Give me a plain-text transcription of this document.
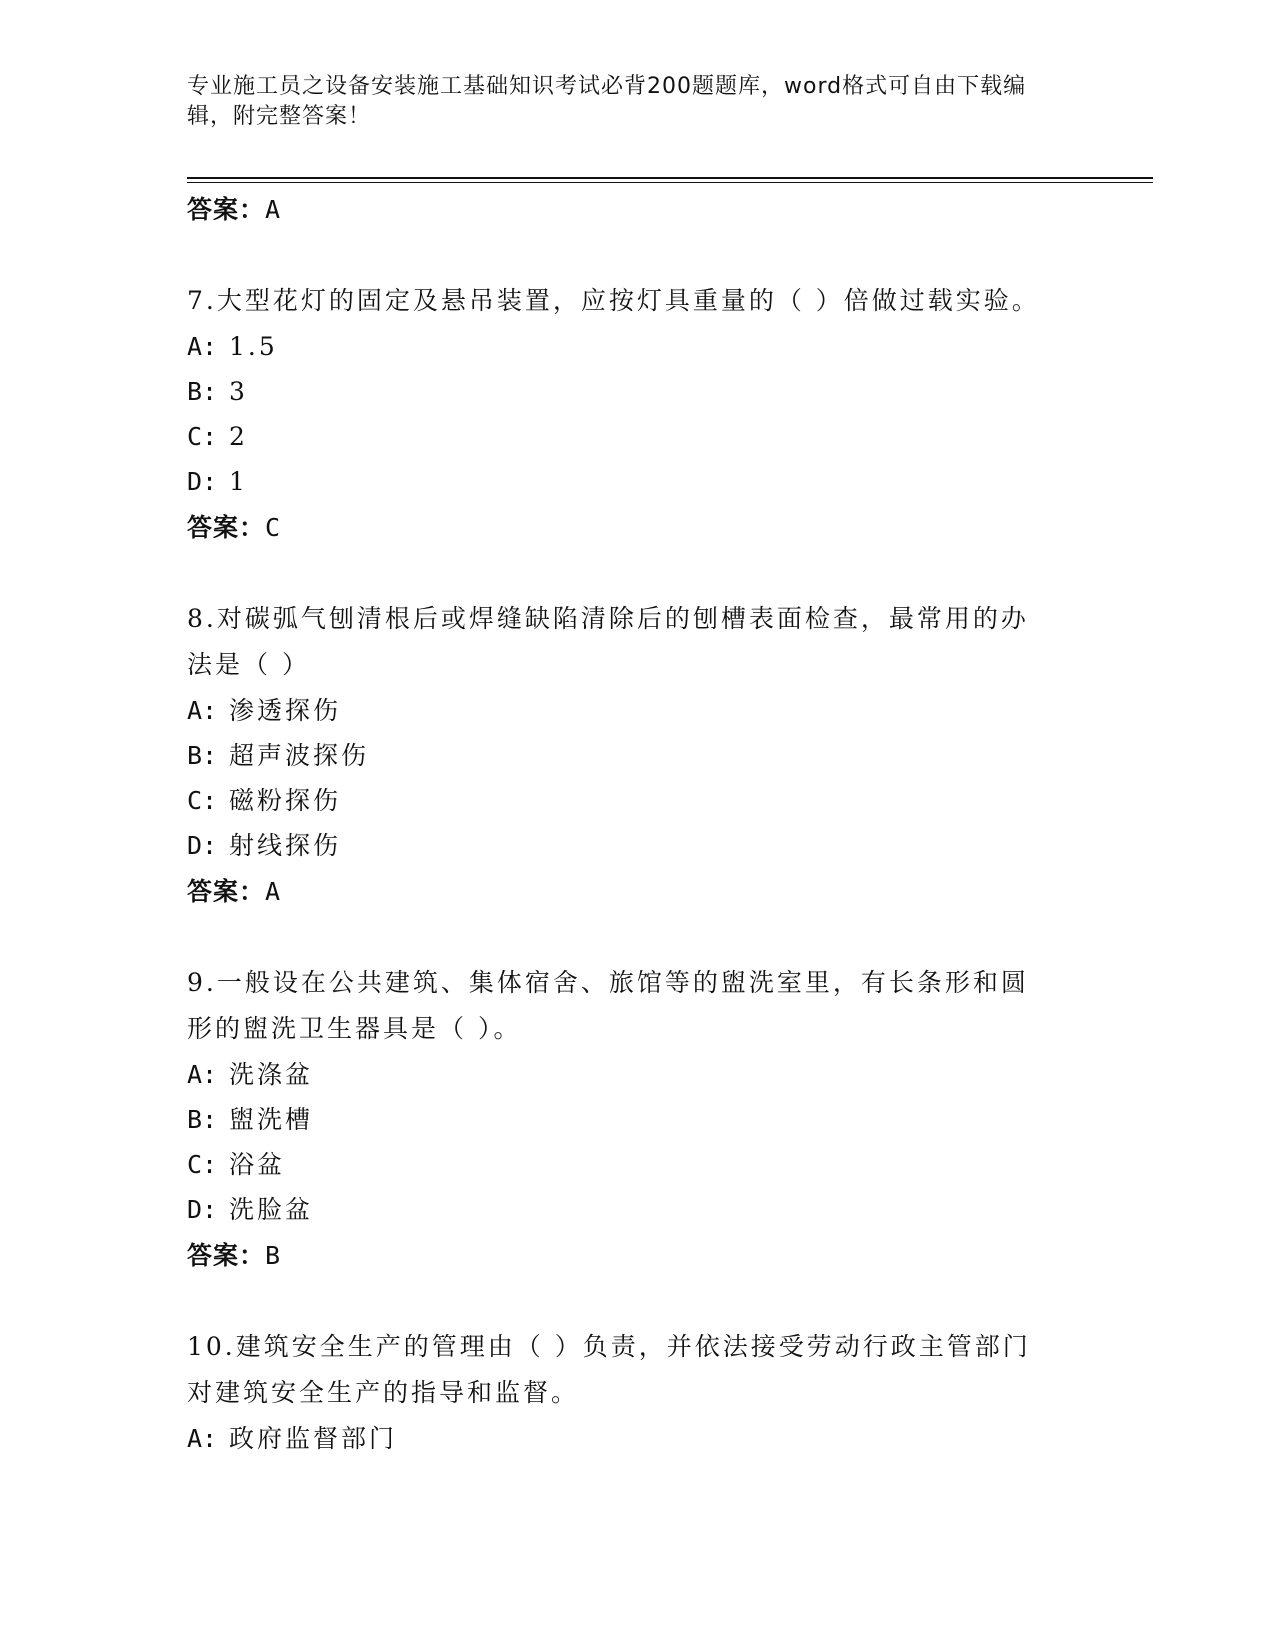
专业施工员之设备安装施工基础知识考试必背200题题库，word格式可自由下载编辑，附完整答案！
答案：A

7.大型花灯的固定及悬吊装置，应按灯具重量的（ ）倍做过载实验。

A: 1.5
B: 3
C: 2
D: 1
答案：C

8.对碳弧气刨清根后或焊缝缺陷清除后的刨槽表面检查，最常用的办法是（ ）

A: 渗透探伤
B: 超声波探伤
C: 磁粉探伤
D: 射线探伤
答案：A

9.一般设在公共建筑、集体宿舍、旅馆等的盥洗室里，有长条形和圆形的盥洗卫生器具是（ ）。

A: 洗涤盆
B: 盥洗槽
C: 浴盆
D: 洗脸盆
答案：B

10.建筑安全生产的管理由（ ）负责，并依法接受劳动行政主管部门对建筑安全生产的指导和监督。

A: 政府监督部门
